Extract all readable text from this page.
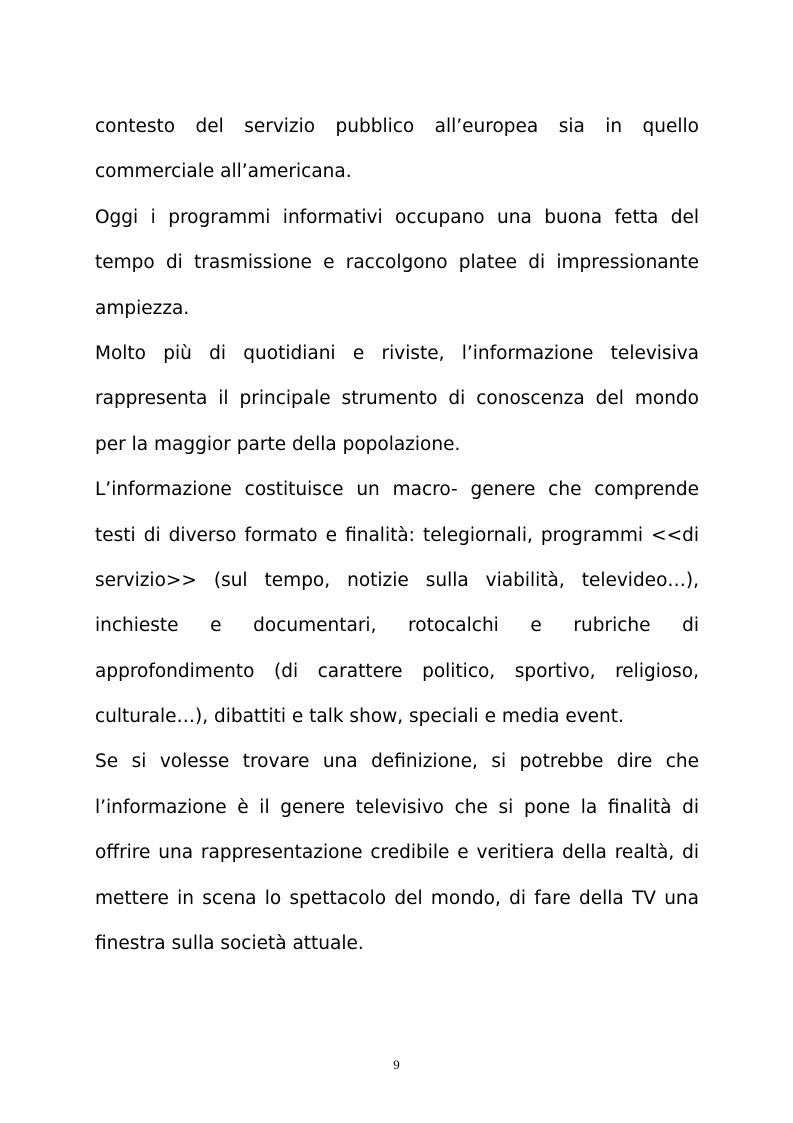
contesto del servizio pubblico all’europea sia in quello
commerciale all’americana.
Oggi i programmi informativi occupano una buona fetta del
tempo di trasmissione e raccolgono platee di impressionante
ampiezza.
Molto più di quotidiani e riviste, l’informazione televisiva
rappresenta il principale strumento di conoscenza del mondo
per la maggior parte della popolazione.
L’informazione costituisce un macro- genere che comprende
testi di diverso formato e finalità: telegiornali, programmi <<di
servizio>> (sul tempo, notizie sulla viabilità, televideo…),
inchieste e documentari, rotocalchi e rubriche di
approfondimento (di carattere politico, sportivo, religioso,
culturale…), dibattiti e talk show, speciali e media event.
Se si volesse trovare una definizione, si potrebbe dire che
l’informazione è il genere televisivo che si pone la finalità di
offrire una rappresentazione credibile e veritiera della realtà, di
mettere in scena lo spettacolo del mondo, di fare della TV una
finestra sulla società attuale.
9
